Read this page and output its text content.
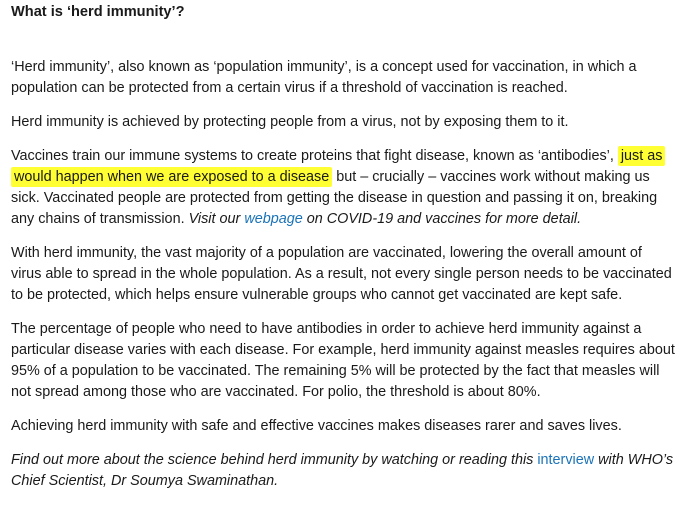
What is ‘herd immunity’?

‘Herd immunity’, also known as ‘population immunity’, is a concept used for vaccination, in which a population can be protected from a certain virus if a threshold of vaccination is reached.

Herd immunity is achieved by protecting people from a virus, not by exposing them to it.

Vaccines train our immune systems to create proteins that fight disease, known as ‘antibodies’, just as
would happen when we are exposed to a disease but – crucially – vaccines work without making us sick. Vaccinated people are protected from getting the disease in question and passing it on, breaking any chains of transmission. Visit our webpage on COVID-19 and vaccines for more detail.

With herd immunity, the vast majority of a population are vaccinated, lowering the overall amount of virus able to spread in the whole population. As a result, not every single person needs to be vaccinated to be protected, which helps ensure vulnerable groups who cannot get vaccinated are kept safe.

The percentage of people who need to have antibodies in order to achieve herd immunity against a particular disease varies with each disease. For example, herd immunity against measles requires about 95% of a population to be vaccinated. The remaining 5% will be protected by the fact that measles will not spread among those who are vaccinated. For polio, the threshold is about 80%.

Achieving herd immunity with safe and effective vaccines makes diseases rarer and saves lives.

Find out more about the science behind herd immunity by watching or reading this interview with WHO’s Chief Scientist, Dr Soumya Swaminathan.
